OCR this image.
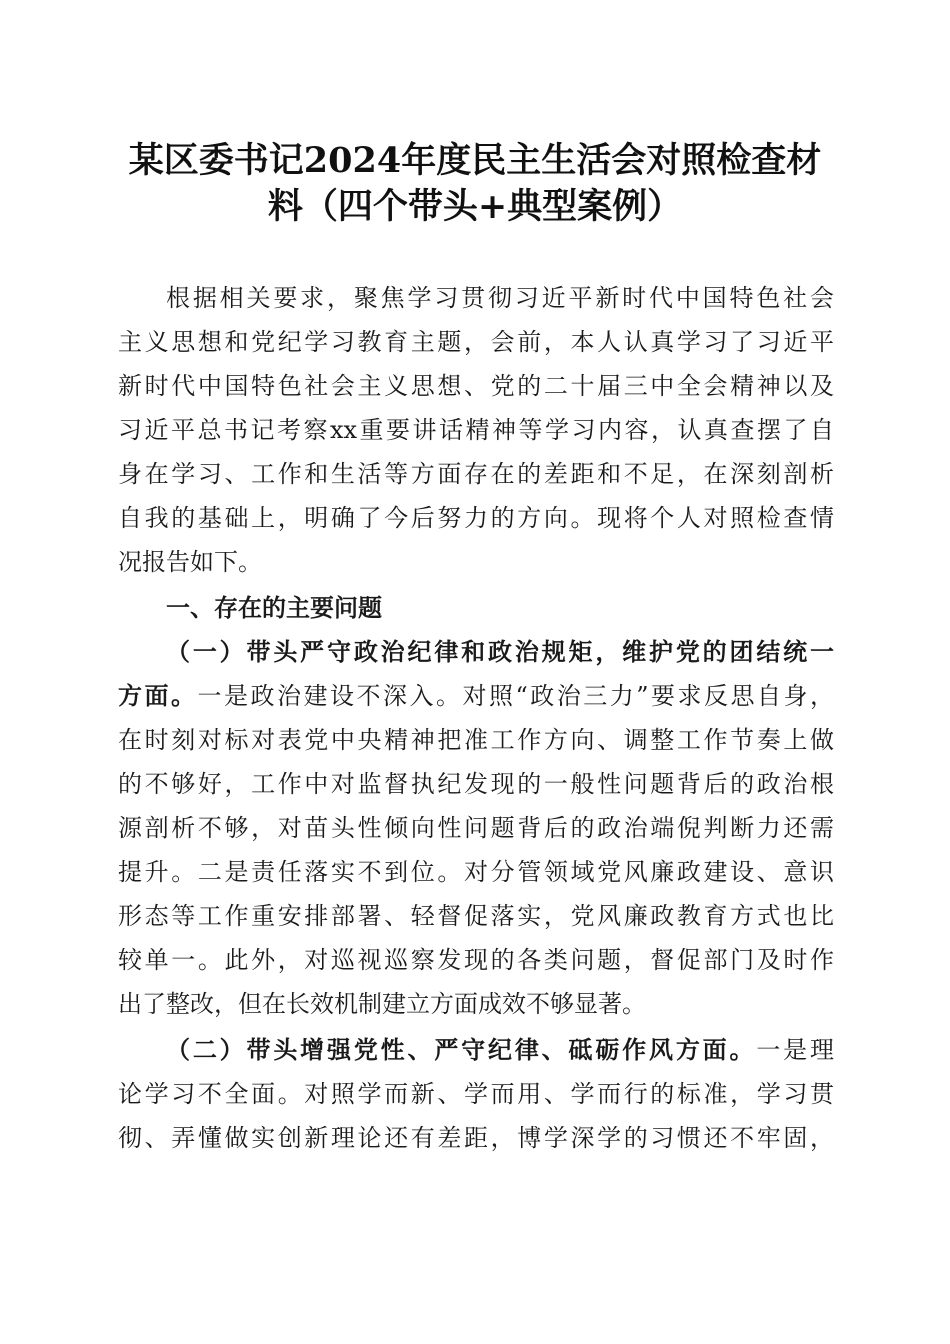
某区委书记2024年度民主生活会对照检查材
料（四个带头+典型案例）
根据相关要求，聚焦学习贯彻习近平新时代中国特色社会
主义思想和党纪学习教育主题，会前，本人认真学习了习近平
新时代中国特色社会主义思想、党的二十届三中全会精神以及
习近平总书记考察xx重要讲话精神等学习内容，认真查摆了自
身在学习、工作和生活等方面存在的差距和不足，在深刻剖析
自我的基础上，明确了今后努力的方向。现将个人对照检查情
况报告如下。
一、存在的主要问题
（一）带头严守政治纪律和政治规矩，维护党的团结统一
方面。一是政治建设不深入。对照“政治三力”要求反思自身，
在时刻对标对表党中央精神把准工作方向、调整工作节奏上做
的不够好，工作中对监督执纪发现的一般性问题背后的政治根
源剖析不够，对苗头性倾向性问题背后的政治端倪判断力还需
提升。二是责任落实不到位。对分管领域党风廉政建设、意识
形态等工作重安排部署、轻督促落实，党风廉政教育方式也比
较单一。此外，对巡视巡察发现的各类问题，督促部门及时作
出了整改，但在长效机制建立方面成效不够显著。
（二）带头增强党性、严守纪律、砥砺作风方面。一是理
论学习不全面。对照学而新、学而用、学而行的标准，学习贯
彻、弄懂做实创新理论还有差距，博学深学的习惯还不牢固，
